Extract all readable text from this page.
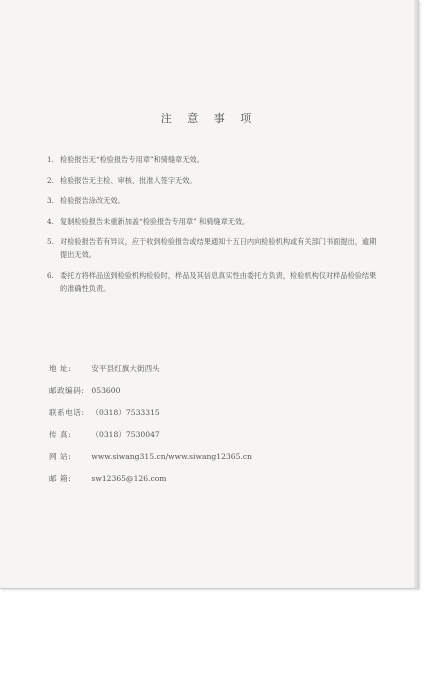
注 意 事 项
1. 检验报告无“检验报告专用章”和骑缝章无效。
2. 检验报告无主检、审核、批准人签字无效。
3. 检验报告涂改无效。
4. 复制检验报告未重新加盖“检验报告专用章” 和骑缝章无效。
5. 对检验报告若有异议，应于收到检验报告或结果通知十五日内向检验机构或有关部门书面提出，逾期提出无效。
6. 委托方将样品送到检验机构检验时，样品及其信息真实性由委托方负责，检验机构仅对样品检验结果的准确性负责。
地 址:	安平县红旗大街西头
邮政编码: 053600
联系电话: （0318）7533315
传 真:	（0318）7530047
网 站:	www.siwang315.cn/www.siwang12365.cn
邮 箱:	sw12365@126.com
